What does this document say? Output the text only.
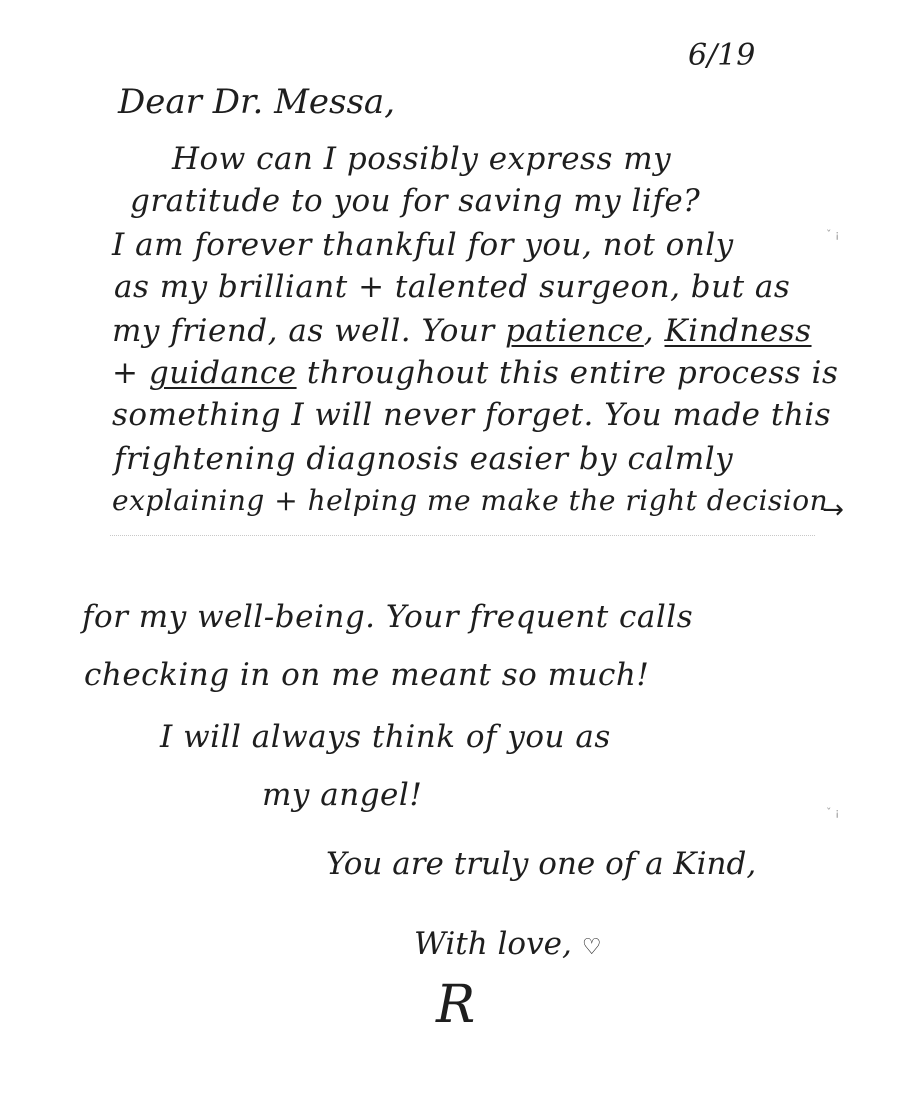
6/19
Dear Dr. Messa,
How can I possibly express my
gratitude to you for saving my life?
I am forever thankful for you, not only
as my brilliant + talented surgeon, but as
my friend, as well. Your patience, Kindness
+ guidance throughout this entire process is
something I will never forget. You made this
frightening diagnosis easier by calmly
explaining + helping me make the right decision→
ˇ ¡
ˇ ¡
for my well-being. Your frequent calls
checking in on me meant so much!
I will always think of you as
my angel!
You are truly one of a Kind,
With love, ♡
R
